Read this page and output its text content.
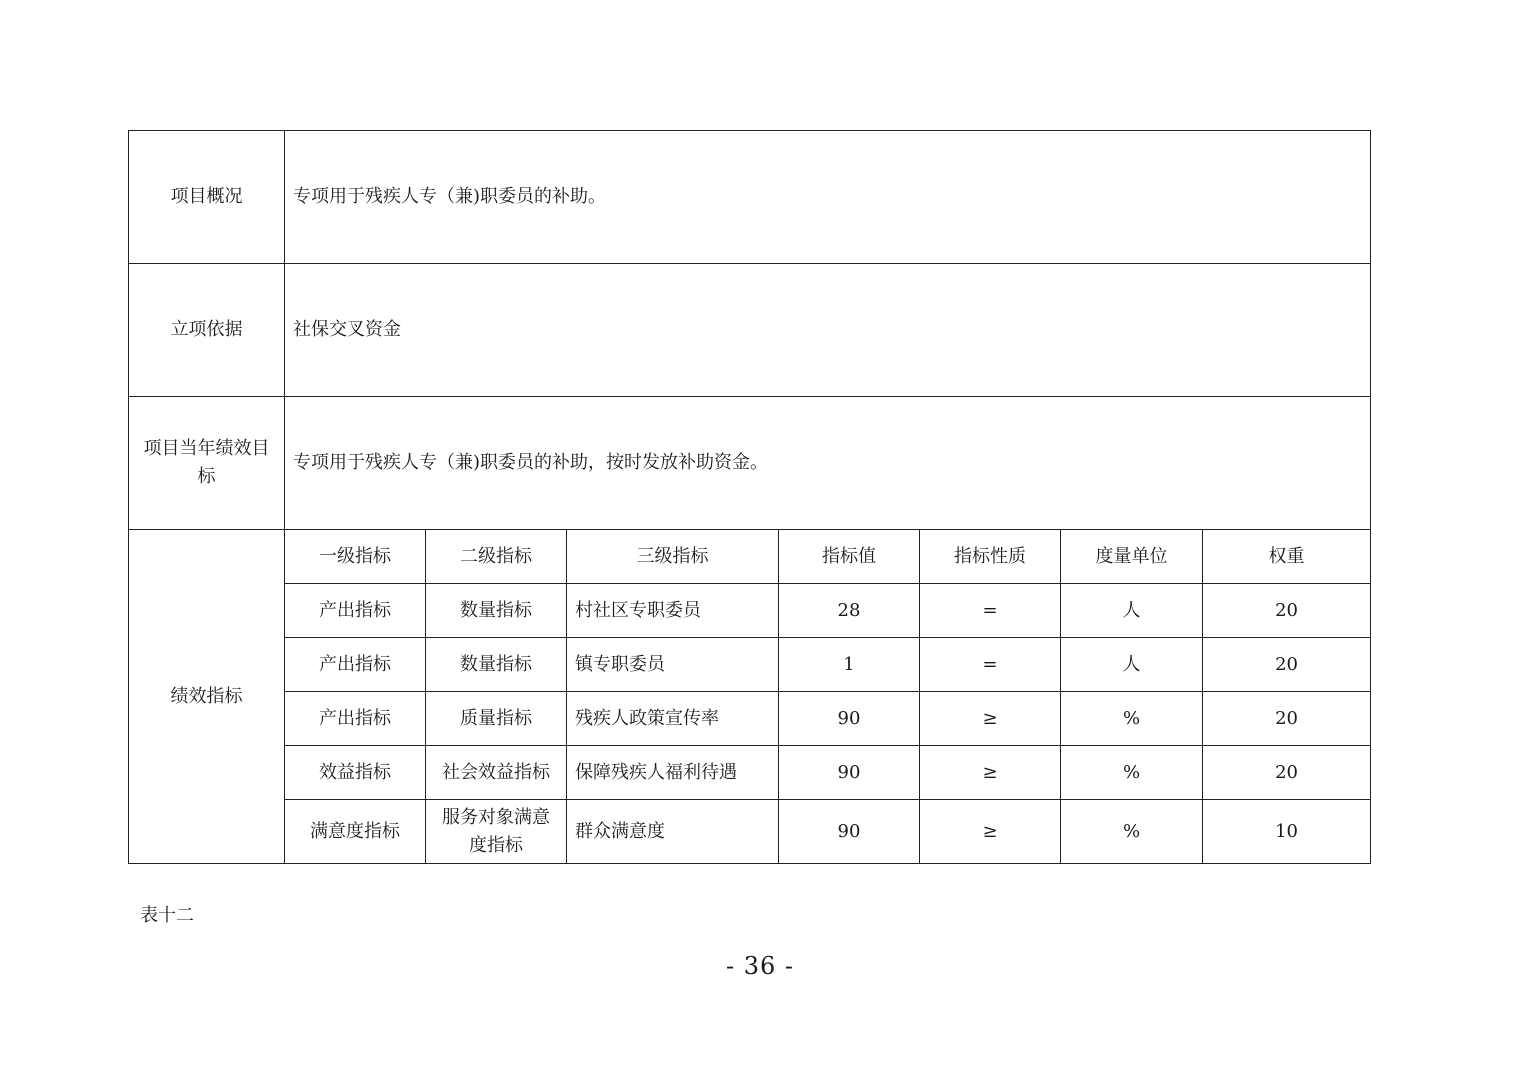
项目概况	专项用于残疾人专（兼)职委员的补助。						
立项依据	社保交叉资金						
项目当年绩效目标	专项用于残疾人专（兼)职委员的补助，按时发放补助资金。						
绩效指标	一级指标	二级指标	三级指标	指标值	指标性质	度量单位	权重
	产出指标	数量指标	村社区专职委员	28	=	人	20
	产出指标	数量指标	镇专职委员	1	=	人	20
	产出指标	质量指标	残疾人政策宣传率	90	≥	%	20
	效益指标	社会效益指标	保障残疾人福利待遇	90	≥	%	20
	满意度指标	服务对象满意度指标	群众满意度	90	≥	%	10
表十二
- 36 -
